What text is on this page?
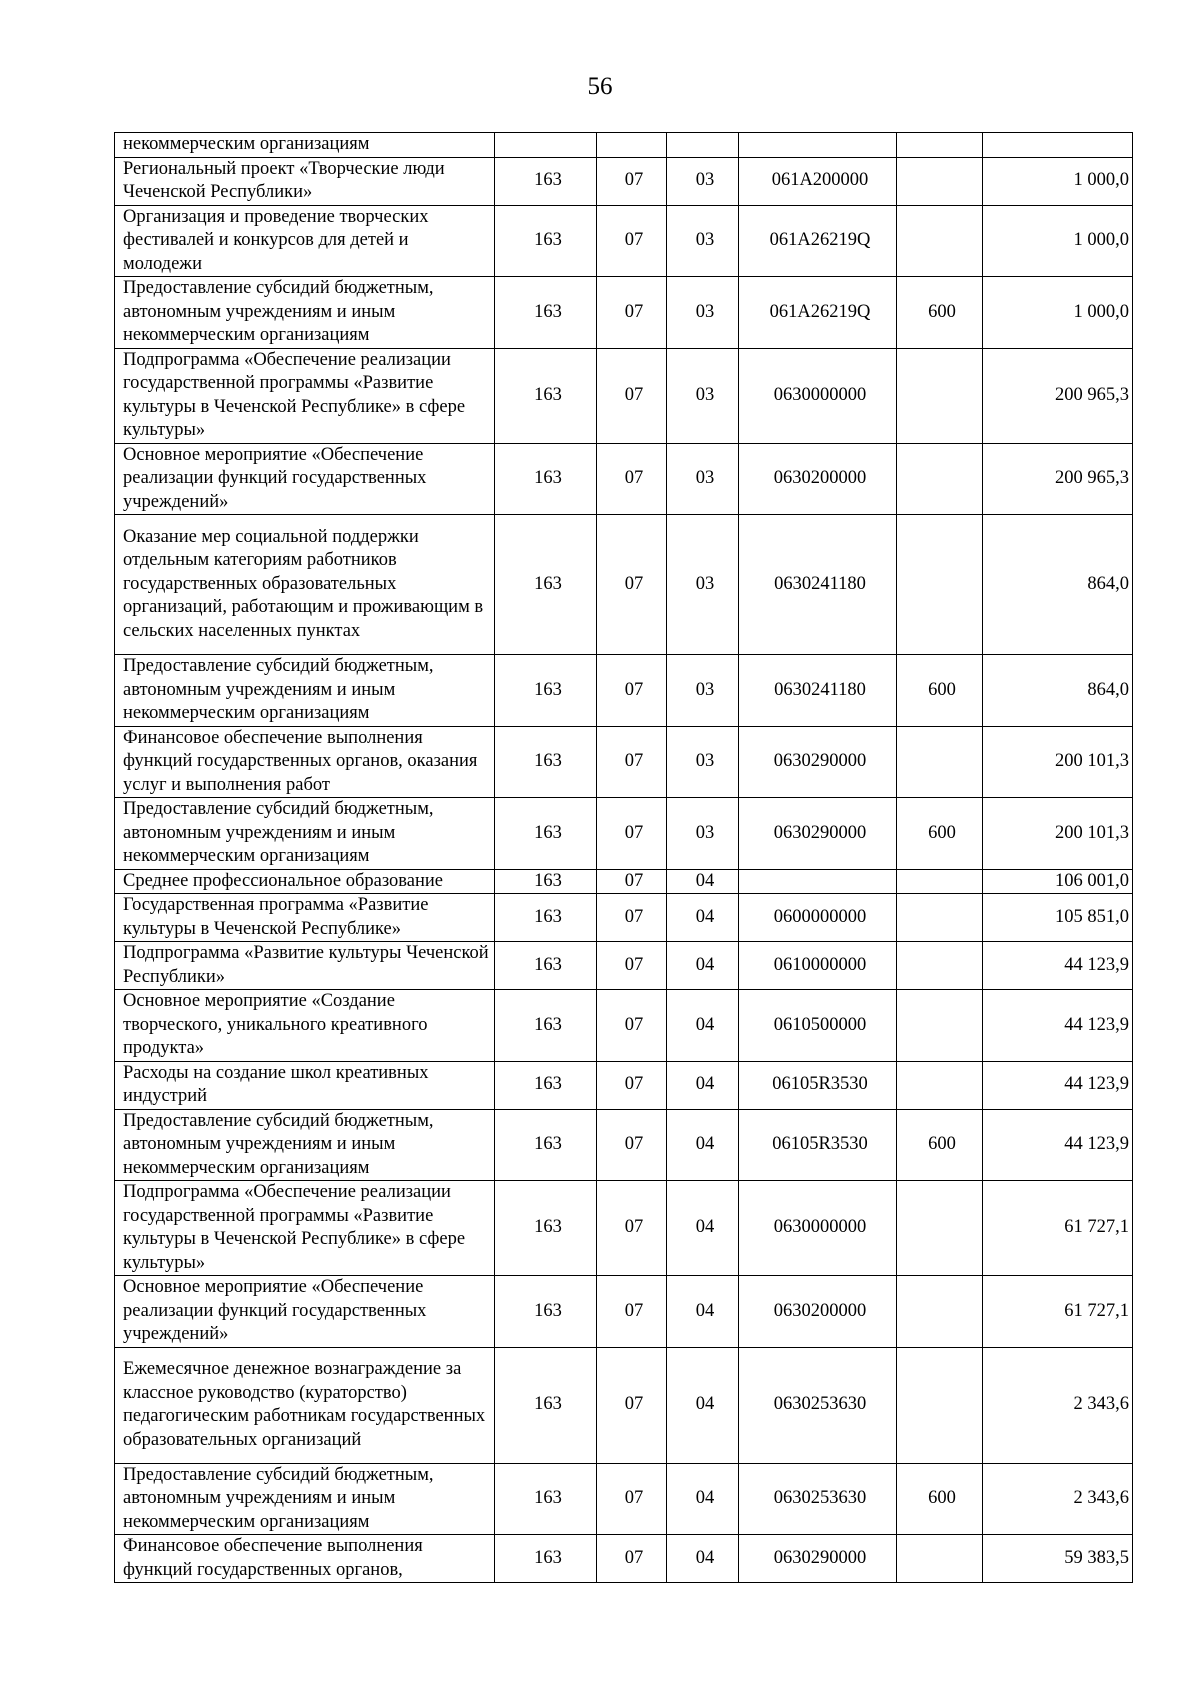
56
некоммерческим организациям						
Региональный проект «Творческие люди Чеченской Республики»	163	07	03	061А200000		1 000,0
Организация и проведение творческих фестивалей и конкурсов для детей и молодежи	163	07	03	061А26219Q		1 000,0
Предоставление субсидий бюджетным, автономным учреждениям и иным некоммерческим организациям	163	07	03	061А26219Q	600	1 000,0
Подпрограмма «Обеспечение реализации государственной программы «Развитие культуры в Чеченской Республике» в сфере культуры»	163	07	03	0630000000		200 965,3
Основное мероприятие «Обеспечение реализации функций государственных учреждений»	163	07	03	0630200000		200 965,3
Оказание мер социальной поддержки отдельным категориям работников государственных образовательных организаций, работающим и проживающим в сельских населенных пунктах	163	07	03	0630241180		864,0
Предоставление субсидий бюджетным, автономным учреждениям и иным некоммерческим организациям	163	07	03	0630241180	600	864,0
Финансовое обеспечение выполнения функций государственных органов, оказания услуг и выполнения работ	163	07	03	0630290000		200 101,3
Предоставление субсидий бюджетным, автономным учреждениям и иным некоммерческим организациям	163	07	03	0630290000	600	200 101,3
Среднее профессиональное образование	163	07	04			106 001,0
Государственная программа «Развитие культуры в Чеченской Республике»	163	07	04	0600000000		105 851,0
Подпрограмма «Развитие культуры Чеченской Республики»	163	07	04	0610000000		44 123,9
Основное мероприятие «Создание творческого, уникального креативного продукта»	163	07	04	0610500000		44 123,9
Расходы на создание школ креативных индустрий	163	07	04	06105R3530		44 123,9
Предоставление субсидий бюджетным, автономным учреждениям и иным некоммерческим организациям	163	07	04	06105R3530	600	44 123,9
Подпрограмма «Обеспечение реализации государственной программы «Развитие культуры в Чеченской Республике» в сфере культуры»	163	07	04	0630000000		61 727,1
Основное мероприятие «Обеспечение реализации функций государственных учреждений»	163	07	04	0630200000		61 727,1
Ежемесячное денежное вознаграждение за классное руководство (кураторство) педагогическим работникам государственных образовательных организаций	163	07	04	0630253630		2 343,6
Предоставление субсидий бюджетным, автономным учреждениям и иным некоммерческим организациям	163	07	04	0630253630	600	2 343,6
Финансовое обеспечение выполнения функций государственных органов,	163	07	04	0630290000		59 383,5
